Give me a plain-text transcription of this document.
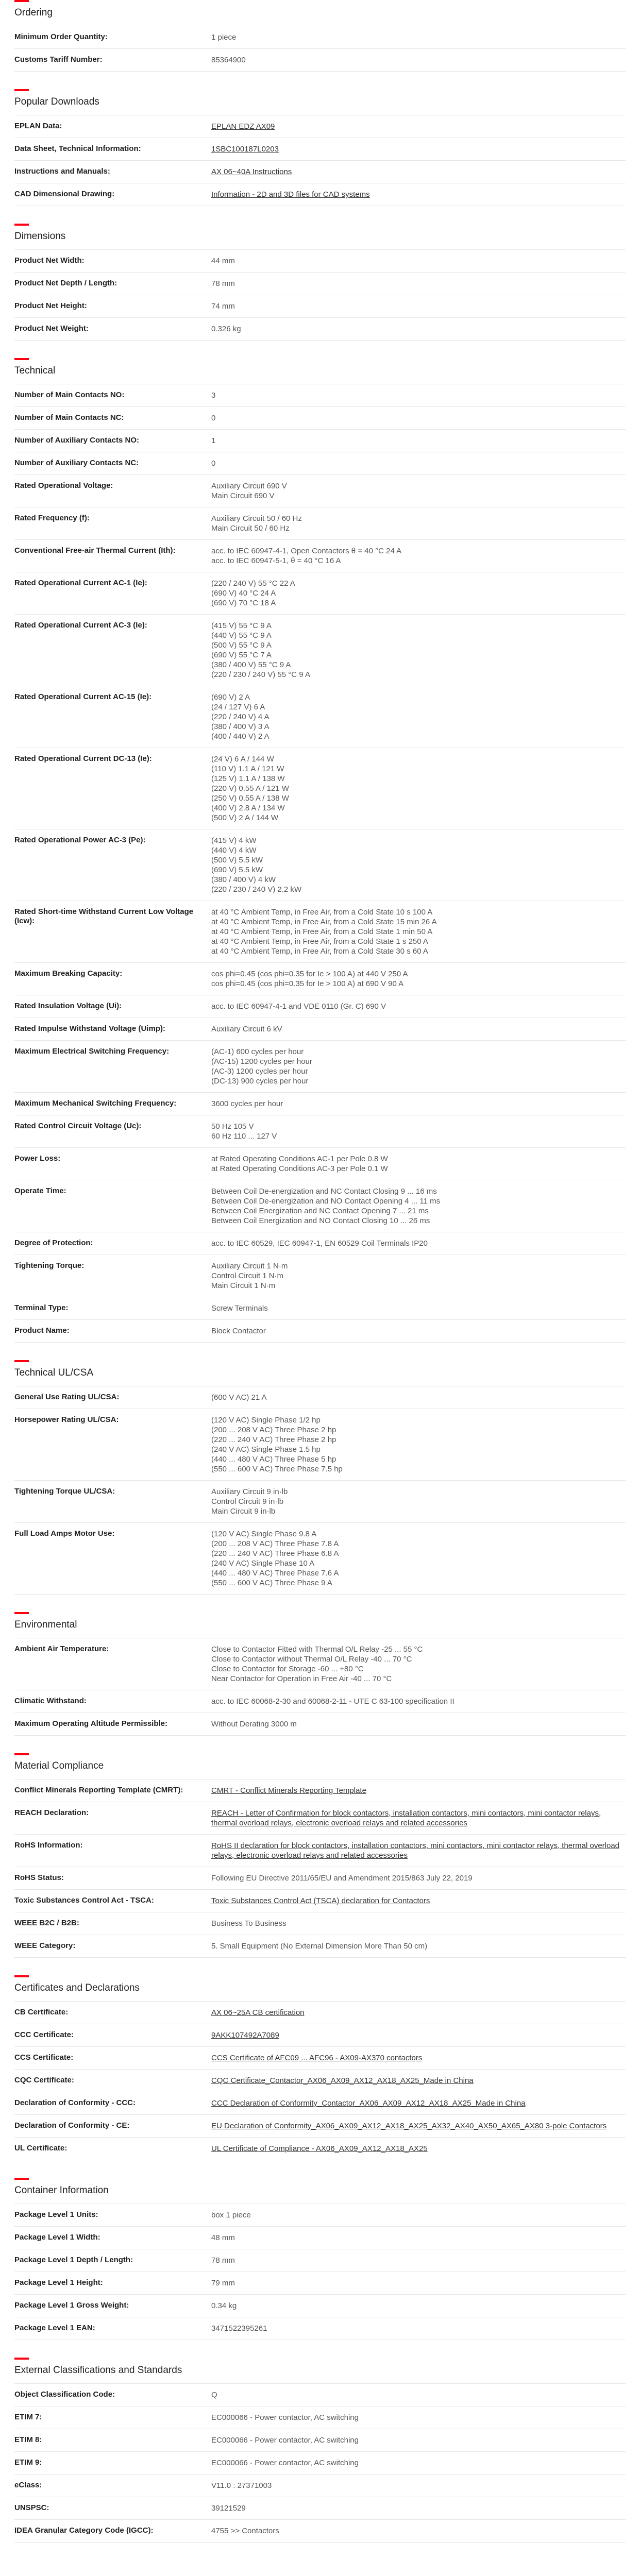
Ordering
Minimum Order Quantity:	1 piece
Customs Tariff Number:	85364900
Popular Downloads
EPLAN Data:	EPLAN EDZ AX09
Data Sheet, Technical Information:	1SBC100187L0203
Instructions and Manuals:	AX 06~40A Instructions
CAD Dimensional Drawing:	Information - 2D and 3D files for CAD systems
Dimensions
Product Net Width:	44 mm
Product Net Depth / Length:	78 mm
Product Net Height:	74 mm
Product Net Weight:	0.326 kg
Technical
Number of Main Contacts NO:	3
Number of Main Contacts NC:	0
Number of Auxiliary Contacts NO:	1
Number of Auxiliary Contacts NC:	0
Rated Operational Voltage:	Auxiliary Circuit 690 V
Main Circuit 690 V
Rated Frequency (f):	Auxiliary Circuit 50 / 60 Hz
Main Circuit 50 / 60 Hz
Conventional Free-air Thermal Current (Ith):	acc. to IEC 60947-4-1, Open Contactors θ = 40 °C 24 A
acc. to IEC 60947-5-1, θ = 40 °C 16 A
Rated Operational Current AC-1 (Ie):	(220 / 240 V) 55 °C 22 A
(690 V) 40 °C 24 A
(690 V) 70 °C 18 A
Rated Operational Current AC-3 (Ie):	(415 V) 55 °C 9 A
(440 V) 55 °C 9 A
(500 V) 55 °C 9 A
(690 V) 55 °C 7 A
(380 / 400 V) 55 °C 9 A
(220 / 230 / 240 V) 55 °C 9 A
Rated Operational Current AC-15 (Ie):	(690 V) 2 A
(24 / 127 V) 6 A
(220 / 240 V) 4 A
(380 / 400 V) 3 A
(400 / 440 V) 2 A
Rated Operational Current DC-13 (Ie):	(24 V) 6 A / 144 W
(110 V) 1.1 A / 121 W
(125 V) 1.1 A / 138 W
(220 V) 0.55 A / 121 W
(250 V) 0.55 A / 138 W
(400 V) 2.8 A / 134 W
(500 V) 2 A / 144 W
Rated Operational Power AC-3 (Pe):	(415 V) 4 kW
(440 V) 4 kW
(500 V) 5.5 kW
(690 V) 5.5 kW
(380 / 400 V) 4 kW
(220 / 230 / 240 V) 2.2 kW
Rated Short-time Withstand Current Low Voltage (Icw):
at 40 °C Ambient Temp, in Free Air, from a Cold State 10 s 100 A
at 40 °C Ambient Temp, in Free Air, from a Cold State 15 min 26 A
at 40 °C Ambient Temp, in Free Air, from a Cold State 1 min 50 A
at 40 °C Ambient Temp, in Free Air, from a Cold State 1 s 250 A
at 40 °C Ambient Temp, in Free Air, from a Cold State 30 s 60 A
Maximum Breaking Capacity:	cos phi=0.45 (cos phi=0.35 for Ie > 100 A) at 440 V 250 A
cos phi=0.45 (cos phi=0.35 for Ie > 100 A) at 690 V 90 A
Rated Insulation Voltage (Ui):	acc. to IEC 60947-4-1 and VDE 0110 (Gr. C) 690 V
Rated Impulse Withstand Voltage (Uimp):	Auxiliary Circuit 6 kV
Maximum Electrical Switching Frequency:	(AC-1) 600 cycles per hour
(AC-15) 1200 cycles per hour
(AC-3) 1200 cycles per hour
(DC-13) 900 cycles per hour
Maximum Mechanical Switching Frequency:	3600 cycles per hour
Rated Control Circuit Voltage (Uc):	50 Hz 105 V
60 Hz 110 ... 127 V
Power Loss:	at Rated Operating Conditions AC-1 per Pole 0.8 W
at Rated Operating Conditions AC-3 per Pole 0.1 W
Operate Time:	Between Coil De-energization and NC Contact Closing 9 ... 16 ms
Between Coil De-energization and NO Contact Opening 4 ... 11 ms
Between Coil Energization and NC Contact Opening 7 ... 21 ms
Between Coil Energization and NO Contact Closing 10 ... 26 ms
Degree of Protection:	acc. to IEC 60529, IEC 60947-1, EN 60529 Coil Terminals IP20
Tightening Torque:	Auxiliary Circuit 1 N·m
Control Circuit 1 N·m
Main Circuit 1 N·m
Terminal Type:	Screw Terminals
Product Name:	Block Contactor
Technical UL/CSA
General Use Rating UL/CSA:	(600 V AC) 21 A
Horsepower Rating UL/CSA:	(120 V AC) Single Phase 1/2 hp
(200 ... 208 V AC) Three Phase 2 hp
(220 ... 240 V AC) Three Phase 2 hp
(240 V AC) Single Phase 1.5 hp
(440 ... 480 V AC) Three Phase 5 hp
(550 ... 600 V AC) Three Phase 7.5 hp
Tightening Torque UL/CSA:	Auxiliary Circuit 9 in·lb
Control Circuit 9 in·lb
Main Circuit 9 in·lb
Full Load Amps Motor Use:	(120 V AC) Single Phase 9.8 A
(200 ... 208 V AC) Three Phase 7.8 A
(220 ... 240 V AC) Three Phase 6.8 A
(240 V AC) Single Phase 10 A
(440 ... 480 V AC) Three Phase 7.6 A
(550 ... 600 V AC) Three Phase 9 A
Environmental
Ambient Air Temperature:	Close to Contactor Fitted with Thermal O/L Relay -25 ... 55 °C
Close to Contactor without Thermal O/L Relay -40 ... 70 °C
Close to Contactor for Storage -60 ... +80 °C
Near Contactor for Operation in Free Air -40 ... 70 °C
Climatic Withstand:	acc. to IEC 60068-2-30 and 60068-2-11 - UTE C 63-100 specification II
Maximum Operating Altitude Permissible:	Without Derating 3000 m
Material Compliance
Conflict Minerals Reporting Template (CMRT):	CMRT - Conflict Minerals Reporting Template
REACH Declaration:	REACH - Letter of Confirmation for block contactors, installation contactors, mini contactors, mini contactor relays, thermal overload relays, electronic overload relays and related accessories
RoHS Information:	RoHS II declaration for block contactors, installation contactors, mini contactors, mini contactor relays, thermal overload relays, electronic overload relays and related accessories
RoHS Status:	Following EU Directive 2011/65/EU and Amendment 2015/863 July 22, 2019
Toxic Substances Control Act - TSCA:	Toxic Substances Control Act (TSCA) declaration for Contactors
WEEE B2C / B2B:	Business To Business
WEEE Category:	5. Small Equipment (No External Dimension More Than 50 cm)
Certificates and Declarations
CB Certificate:	AX 06~25A CB certification
CCC Certificate:	9AKK107492A7089
CCS Certificate:	CCS Certificate of AFC09 ... AFC96 - AX09-AX370 contactors
CQC Certificate:	CQC Certificate_Contactor_AX06_AX09_AX12_AX18_AX25_Made in China
Declaration of Conformity - CCC:	CCC Declaration of Conformity_Contactor_AX06_AX09_AX12_AX18_AX25_Made in China
Declaration of Conformity - CE:	EU Declaration of Conformity_AX06_AX09_AX12_AX18_AX25_AX32_AX40_AX50_AX65_AX80 3-pole Contactors
UL Certificate:	UL Certificate of Compliance - AX06_AX09_AX12_AX18_AX25
Container Information
Package Level 1 Units:	box 1 piece
Package Level 1 Width:	48 mm
Package Level 1 Depth / Length:	78 mm
Package Level 1 Height:	79 mm
Package Level 1 Gross Weight:	0.34 kg
Package Level 1 EAN:	3471522395261
External Classifications and Standards
Object Classification Code:	Q
ETIM 7:	EC000066 - Power contactor, AC switching
ETIM 8:	EC000066 - Power contactor, AC switching
ETIM 9:	EC000066 - Power contactor, AC switching
eClass:	V11.0 : 27371003
UNSPSC:	39121529
IDEA Granular Category Code (IGCC):	4755 >> Contactors
